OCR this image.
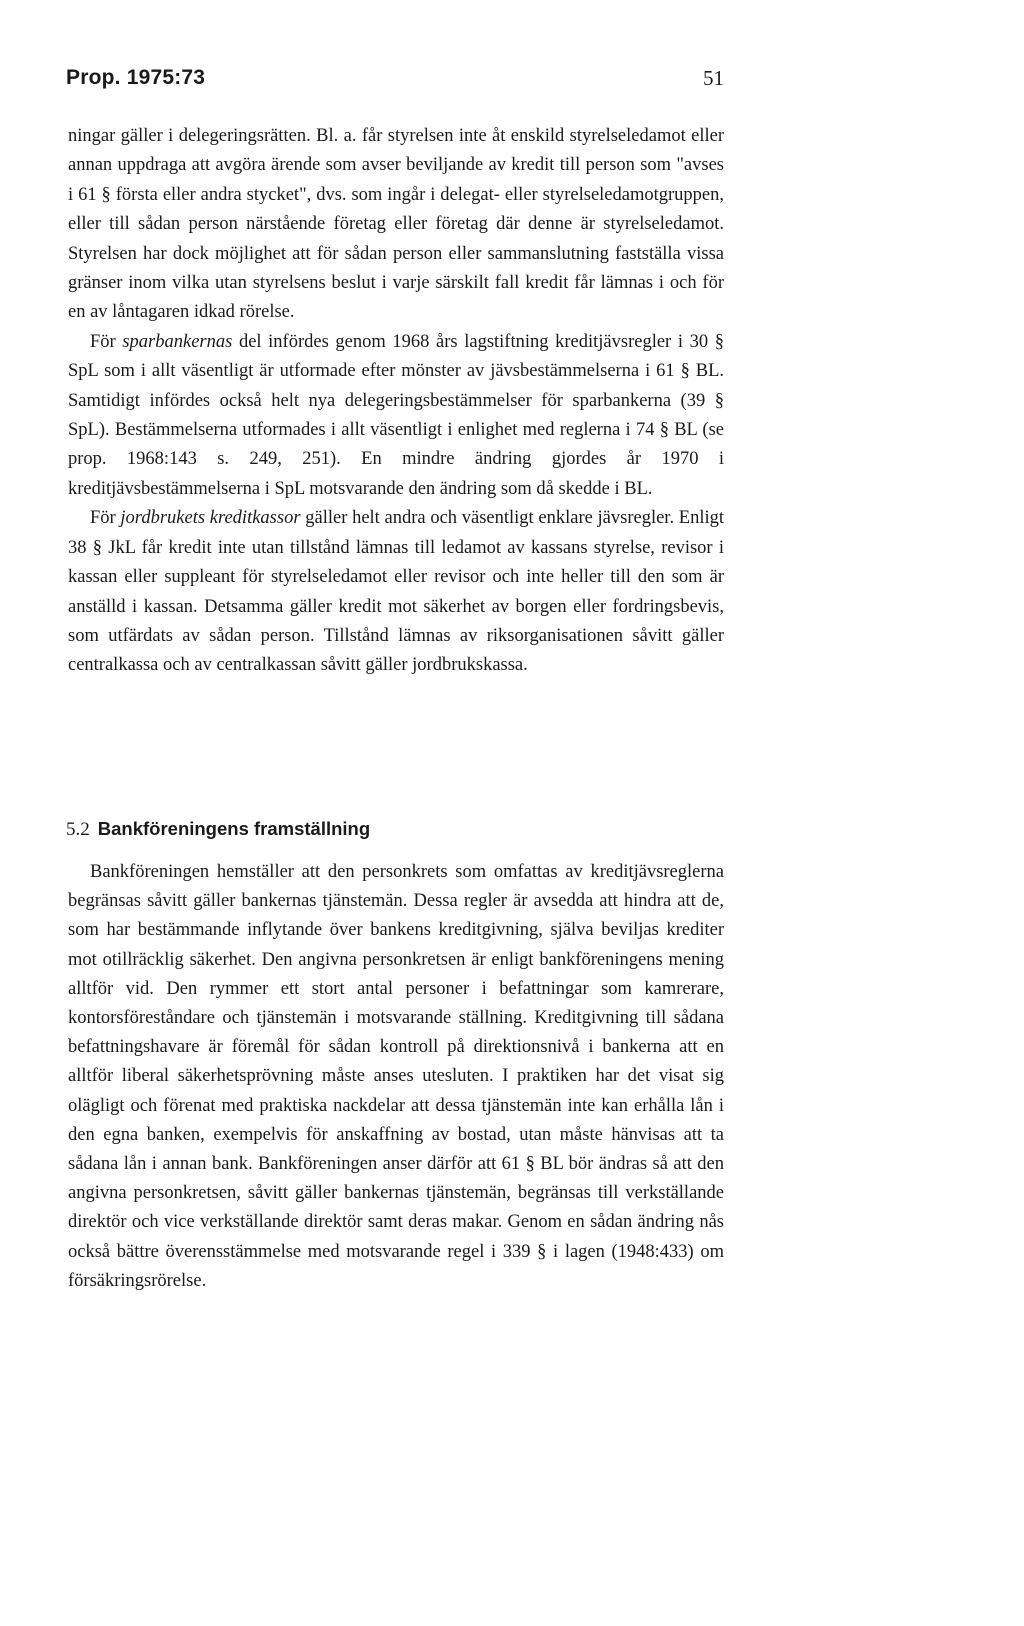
Prop. 1975:73	51

ningar gäller i delegeringsrätten. Bl. a. får styrelsen inte åt enskild styrelseledamot eller annan uppdraga att avgöra ärende som avser beviljande av kredit till person som "avses i 61 § första eller andra stycket", dvs. som ingår i delegat- eller styrelseledamotgruppen, eller till sådan person närstående företag eller företag där denne är styrelseledamot. Styrelsen har dock möjlighet att för sådan person eller sammanslutning fastställa vissa gränser inom vilka utan styrelsens beslut i varje särskilt fall kredit får lämnas i och för en av låntagaren idkad rörelse.

För sparbankernas del infördes genom 1968 års lagstiftning kreditjävsregler i 30 § SpL som i allt väsentligt är utformade efter mönster av jävsbestämmelserna i 61 § BL. Samtidigt infördes också helt nya delegeringsbestämmelser för sparbankerna (39 § SpL). Bestämmelserna utformades i allt väsentligt i enlighet med reglerna i 74 § BL (se prop. 1968:143 s. 249, 251). En mindre ändring gjordes år 1970 i kreditjävsbestämmelserna i SpL motsvarande den ändring som då skedde i BL.

För jordbrukets kreditkassor gäller helt andra och väsentligt enklare jävsregler. Enligt 38 § JkL får kredit inte utan tillstånd lämnas till ledamot av kassans styrelse, revisor i kassan eller suppleant för styrelseledamot eller revisor och inte heller till den som är anställd i kassan. Detsamma gäller kredit mot säkerhet av borgen eller fordringsbevis, som utfärdats av sådan person. Tillstånd lämnas av riksorganisationen såvitt gäller centralkassa och av centralkassan såvitt gäller jordbrukskassa.

5.2 Bankföreningens framställning

Bankföreningen hemställer att den personkrets som omfattas av kreditjävsreglerna begränsas såvitt gäller bankernas tjänstemän. Dessa regler är avsedda att hindra att de, som har bestämmande inflytande över bankens kreditgivning, själva beviljas krediter mot otillräcklig säkerhet. Den angivna personkretsen är enligt bankföreningens mening alltför vid. Den rymmer ett stort antal personer i befattningar som kamrerare, kontorsföreståndare och tjänstemän i motsvarande ställning. Kreditgivning till sådana befattningshavare är föremål för sådan kontroll på direktionsnivå i bankerna att en alltför liberal säkerhetsprövning måste anses utesluten. I praktiken har det visat sig olägligt och förenat med praktiska nackdelar att dessa tjänstemän inte kan erhålla lån i den egna banken, exempelvis för anskaffning av bostad, utan måste hänvisas att ta sådana lån i annan bank. Bankföreningen anser därför att 61 § BL bör ändras så att den angivna personkretsen, såvitt gäller bankernas tjänstemän, begränsas till verkställande direktör och vice verkställande direktör samt deras makar. Genom en sådan ändring nås också bättre överensstämmelse med motsvarande regel i 339 § i lagen (1948:433) om försäkringsrörelse.
